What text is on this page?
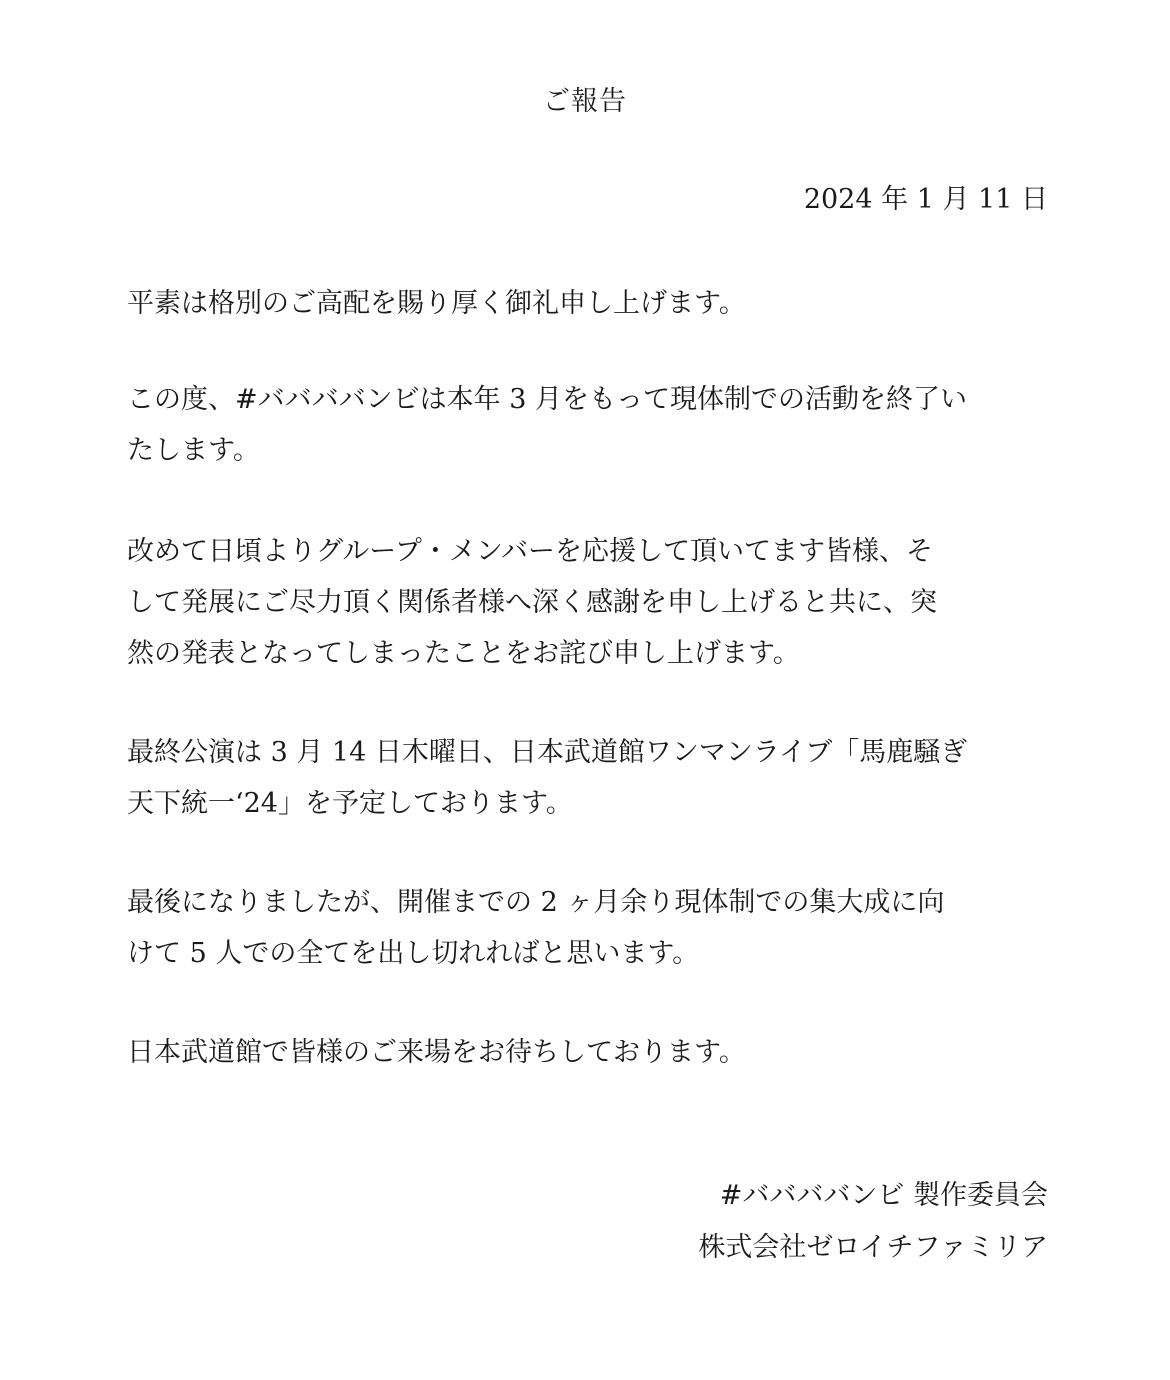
ご報告
2024 年 1 月 11 日
平素は格別のご高配を賜り厚く御礼申し上げます。
この度、#ババババンビは本年 3 月をもって現体制での活動を終了い
たします。
改めて日頃よりグループ・メンバーを応援して頂いてます皆様、そ
して発展にご尽力頂く関係者様へ深く感謝を申し上げると共に、突
然の発表となってしまったことをお詫び申し上げます。
最終公演は 3 月 14 日木曜日、日本武道館ワンマンライブ「馬鹿騒ぎ
天下統一‘24」を予定しております。
最後になりましたが、開催までの 2 ヶ月余り現体制での集大成に向
けて 5 人での全てを出し切れればと思います。
日本武道館で皆様のご来場をお待ちしております。
#ババババンビ 製作委員会
株式会社ゼロイチファミリア
